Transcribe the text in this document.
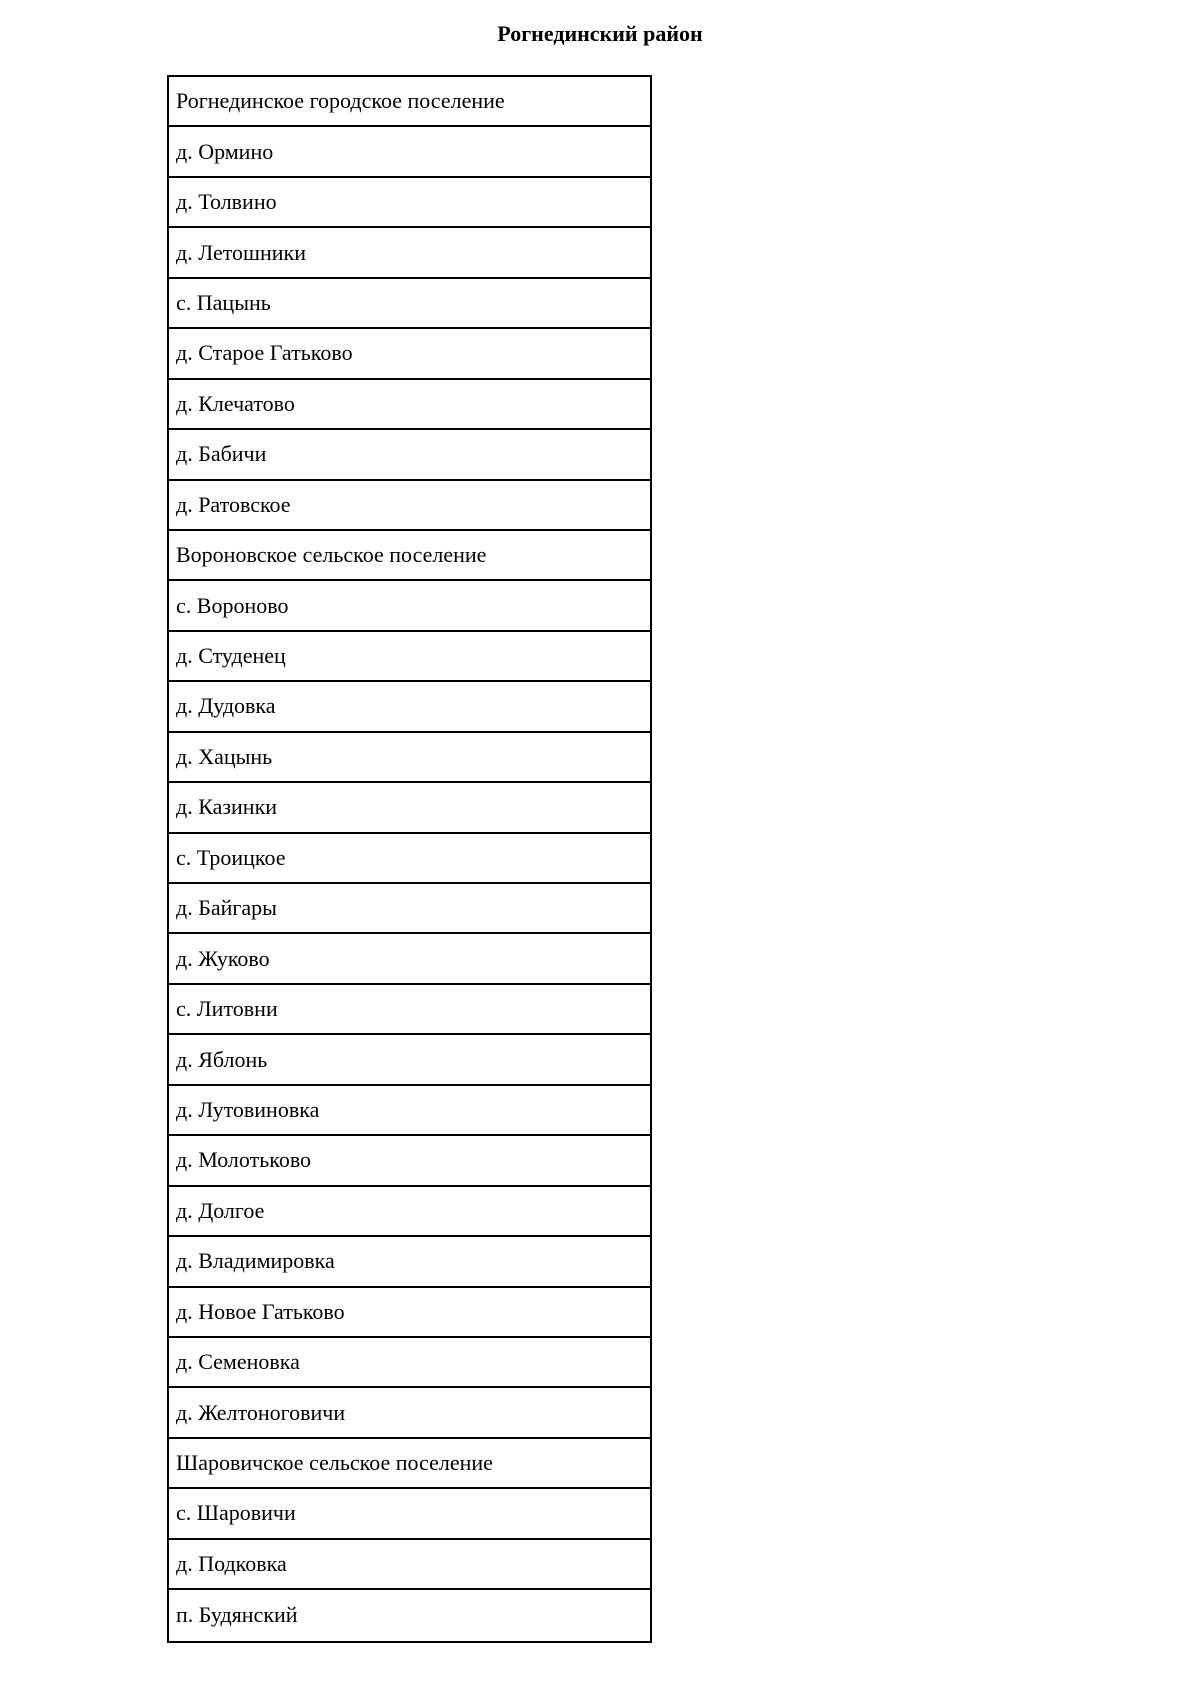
Рогнединский район
Рогнединское городское поселение
д. Ормино
д. Толвино
д. Летошники
с. Пацынь
д. Старое Гатьково
д. Клечатово
д. Бабичи
д. Ратовское
Вороновское сельское поселение
с. Вороново
д. Студенец
д. Дудовка
д. Хацынь
д. Казинки
с. Троицкое
д. Байгары
д. Жуково
с. Литовни
д. Яблонь
д. Лутовиновка
д. Молотьково
д. Долгое
д. Владимировка
д. Новое Гатьково
д. Семеновка
д. Желтоноговичи
Шаровичское сельское поселение
с. Шаровичи
д. Подковка
п. Будянский
